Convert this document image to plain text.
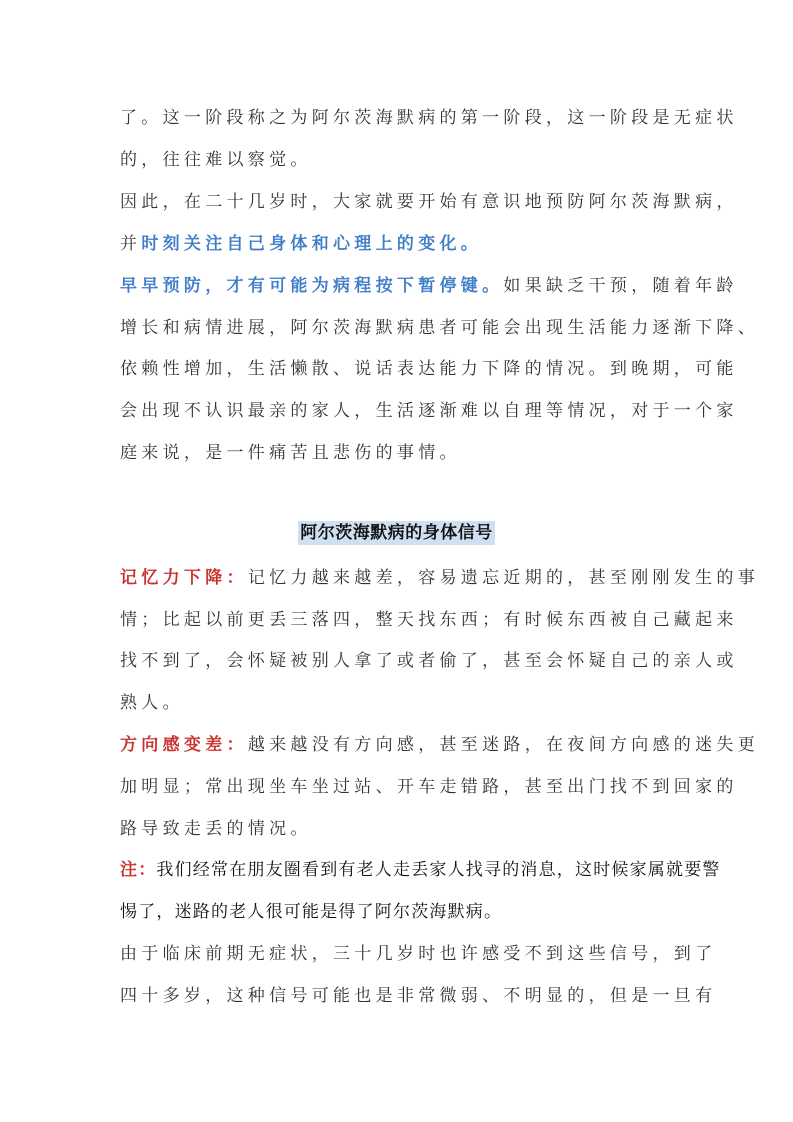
了。这一阶段称之为阿尔茨海默病的第一阶段，这一阶段是无症状
的，往往难以察觉。
因此，在二十几岁时，大家就要开始有意识地预防阿尔茨海默病，
并时刻关注自己身体和心理上的变化。
早早预防，才有可能为病程按下暂停键。如果缺乏干预，随着年龄
增长和病情进展，阿尔茨海默病患者可能会出现生活能力逐渐下降、
依赖性增加，生活懒散、说话表达能力下降的情况。到晚期，可能
会出现不认识最亲的家人，生活逐渐难以自理等情况，对于一个家
庭来说，是一件痛苦且悲伤的事情。
阿尔茨海默病的身体信号
记忆力下降：记忆力越来越差，容易遗忘近期的，甚至刚刚发生的事
情；比起以前更丢三落四，整天找东西；有时候东西被自己藏起来
找不到了，会怀疑被别人拿了或者偷了，甚至会怀疑自己的亲人或
熟人。
方向感变差：越来越没有方向感，甚至迷路，在夜间方向感的迷失更
加明显；常出现坐车坐过站、开车走错路，甚至出门找不到回家的
路导致走丢的情况。
注：我们经常在朋友圈看到有老人走丢家人找寻的消息，这时候家属就要警
惕了，迷路的老人很可能是得了阿尔茨海默病。
由于临床前期无症状，三十几岁时也许感受不到这些信号，到了
四十多岁，这种信号可能也是非常微弱、不明显的，但是一旦有
